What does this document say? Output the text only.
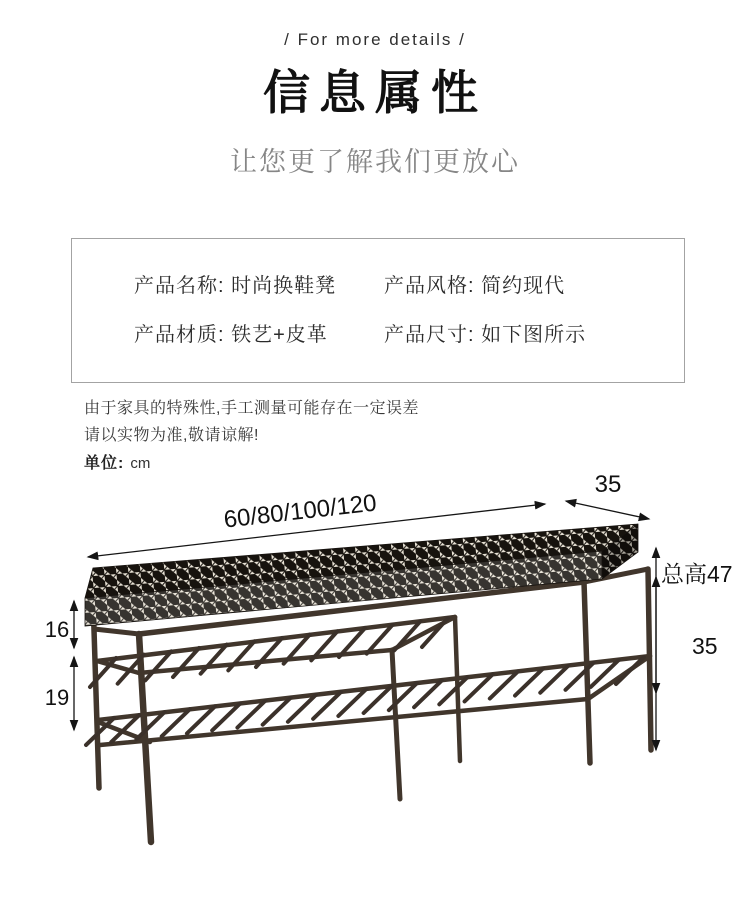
/ For more details /
信息属性
让您更了解我们更放心
产品名称: 时尚换鞋凳	产品风格: 简约现代
产品材质: 铁艺+皮革	产品尺寸: 如下图所示
由于家具的特殊性,手工测量可能存在一定误差
请以实物为准,敬请谅解!
单位: cm
60/80/100/120
35
总高47
35
16
19
